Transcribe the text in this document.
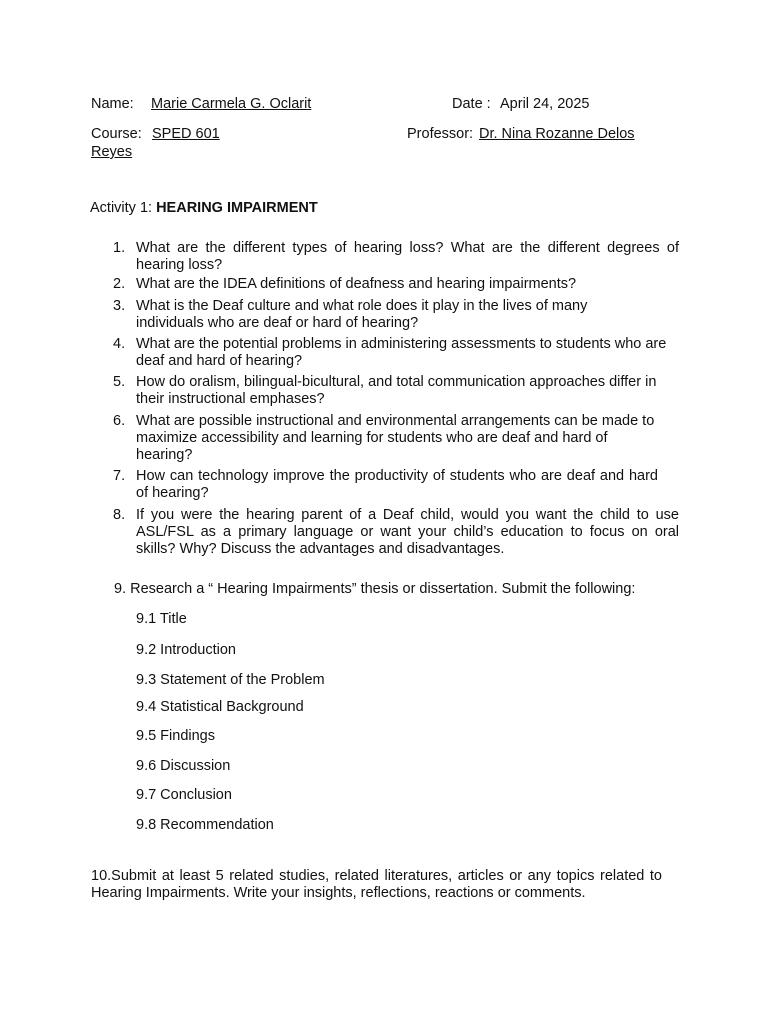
Name: Marie Carmela G. Oclarit	Date : April 24, 2025
Course: SPED 601	Professor: Dr. Nina Rozanne Delos
Reyes
Activity 1: HEARING IMPAIRMENT
1. What are the different types of hearing loss? What are the different degrees of hearing loss?
2. What are the IDEA definitions of deafness and hearing impairments?
3. What is the Deaf culture and what role does it play in the lives of many individuals who are deaf or hard of hearing?
4. What are the potential problems in administering assessments to students who are deaf and hard of hearing?
5. How do oralism, bilingual-bicultural, and total communication approaches differ in their instructional emphases?
6. What are possible instructional and environmental arrangements can be made to maximize accessibility and learning for students who are deaf and hard of hearing?
7. How can technology improve the productivity of students who are deaf and hard of hearing?
8. If you were the hearing parent of a Deaf child, would you want the child to use ASL/FSL as a primary language or want your child’s education to focus on oral skills? Why? Discuss the advantages and disadvantages.
9. Research a “ Hearing Impairments” thesis or dissertation. Submit the following:
9.1 Title
9.2 Introduction
9.3 Statement of the Problem
9.4 Statistical Background
9.5 Findings
9.6 Discussion
9.7 Conclusion
9.8 Recommendation
10.Submit at least 5 related studies, related literatures, articles or any topics related to Hearing Impairments. Write your insights, reflections, reactions or comments.
